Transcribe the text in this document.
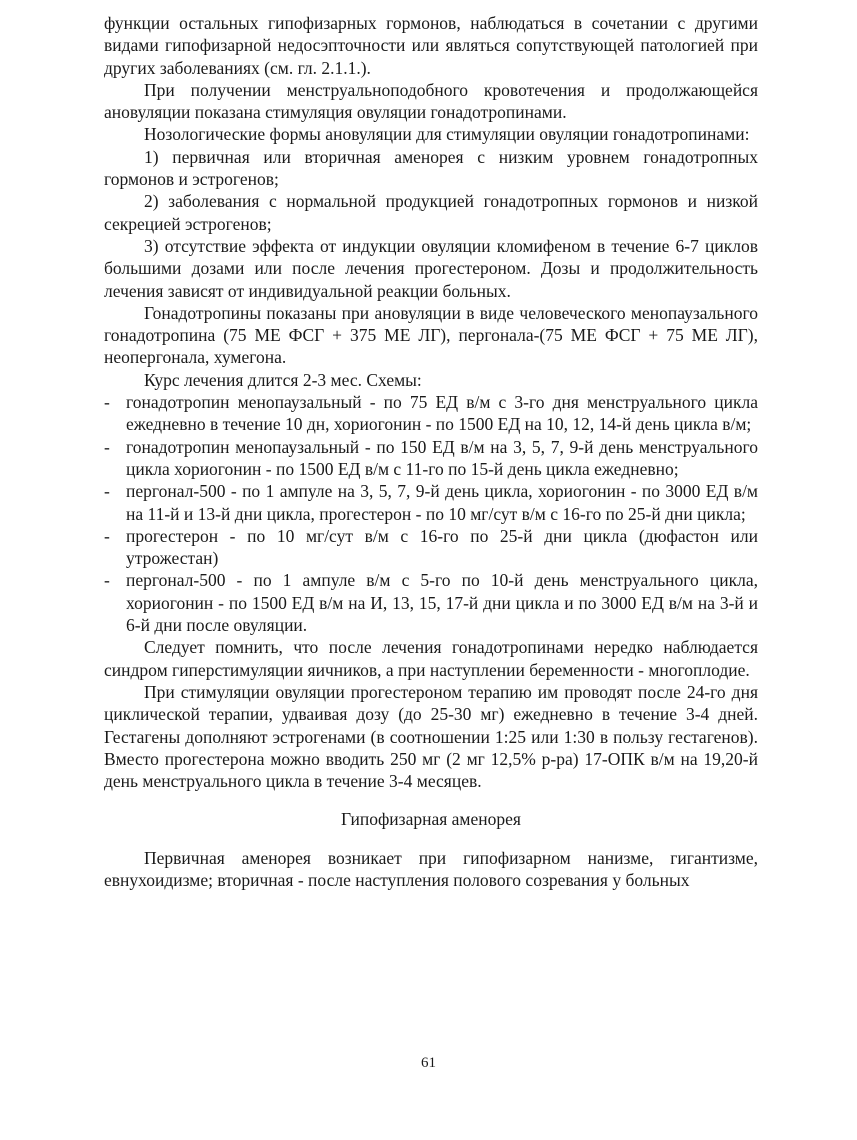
функции остальных гипофизарных гормонов, наблюдаться в сочетании с другими видами гипофизарной недосэпточности или являться сопутствующей патологией при других заболеваниях (см. гл. 2.1.1.).

При получении менструальноподобного кровотечения и продолжающейся ановуляции показана стимуляция овуляции гонадотропинами.

Нозологические формы ановуляции для стимуляции овуляции гонадотропинами:

1) первичная или вторичная аменорея с низким уровнем гонадотропных гормонов и эстрогенов;

2) заболевания с нормальной продукцией гонадотропных гормонов и низкой секрецией эстрогенов;

3) отсутствие эффекта от индукции овуляции кломифеном в течение 6-7 циклов большими дозами или после лечения прогестероном. Дозы и продолжительность лечения зависят от индивидуальной реакции больных.

Гонадотропины показаны при ановуляции в виде человеческого менопаузального гонадотропина (75 МЕ ФСГ + 375 МЕ ЛГ), пергонала-(75 МЕ ФСГ + 75 МЕ ЛГ), неопергонала, хумегона.

Курс лечения длится 2-3 мес. Схемы:

- гонадотропин менопаузальный - по 75 ЕД в/м с 3-го дня менструального цикла ежедневно в течение 10 дн, хориогонин - по 1500 ЕД на 10, 12, 14-й день цикла в/м;
- гонадотропин менопаузальный - по 150 ЕД в/м на 3, 5, 7, 9-й день менструального цикла хориогонин - по 1500 ЕД в/м с 11-го по 15-й день цикла ежедневно;
- пергонал-500 - по 1 ампуле на 3, 5, 7, 9-й день цикла, хориогонин - по 3000 ЕД в/м на 11-й и 13-й дни цикла, прогестерон - по 10 мг/сут в/м с 16-го по 25-й дни цикла;
- прогестерон - по 10 мг/сут в/м с 16-го по 25-й дни цикла (дюфастон или утрожестан)
- пергонал-500 - по 1 ампуле в/м с 5-го по 10-й день менструального цикла, хориогонин - по 1500 ЕД в/м на И, 13, 15, 17-й дни цикла и по 3000 ЕД в/м на 3-й и 6-й дни после овуляции.

Следует помнить, что после лечения гонадотропинами нередко наблюдается синдром гиперстимуляции яичников, а при наступлении беременности - многоплодие.

При стимуляции овуляции прогестероном терапию им проводят после 24-го дня циклической терапии, удваивая дозу (до 25-30 мг) ежедневно в течение 3-4 дней. Гестагены дополняют эстрогенами (в соотношении 1:25 или 1:30 в пользу гестагенов). Вместо прогестерона можно вводить 250 мг (2 мг 12,5% р-ра) 17-ОПК в/м на 19,20-й день менструального цикла в течение 3-4 месяцев.

Гипофизарная аменорея

Первичная аменорея возникает при гипофизарном нанизме, гигантизме, евнухоидизме; вторичная - после наступления полового созревания у больных

61
